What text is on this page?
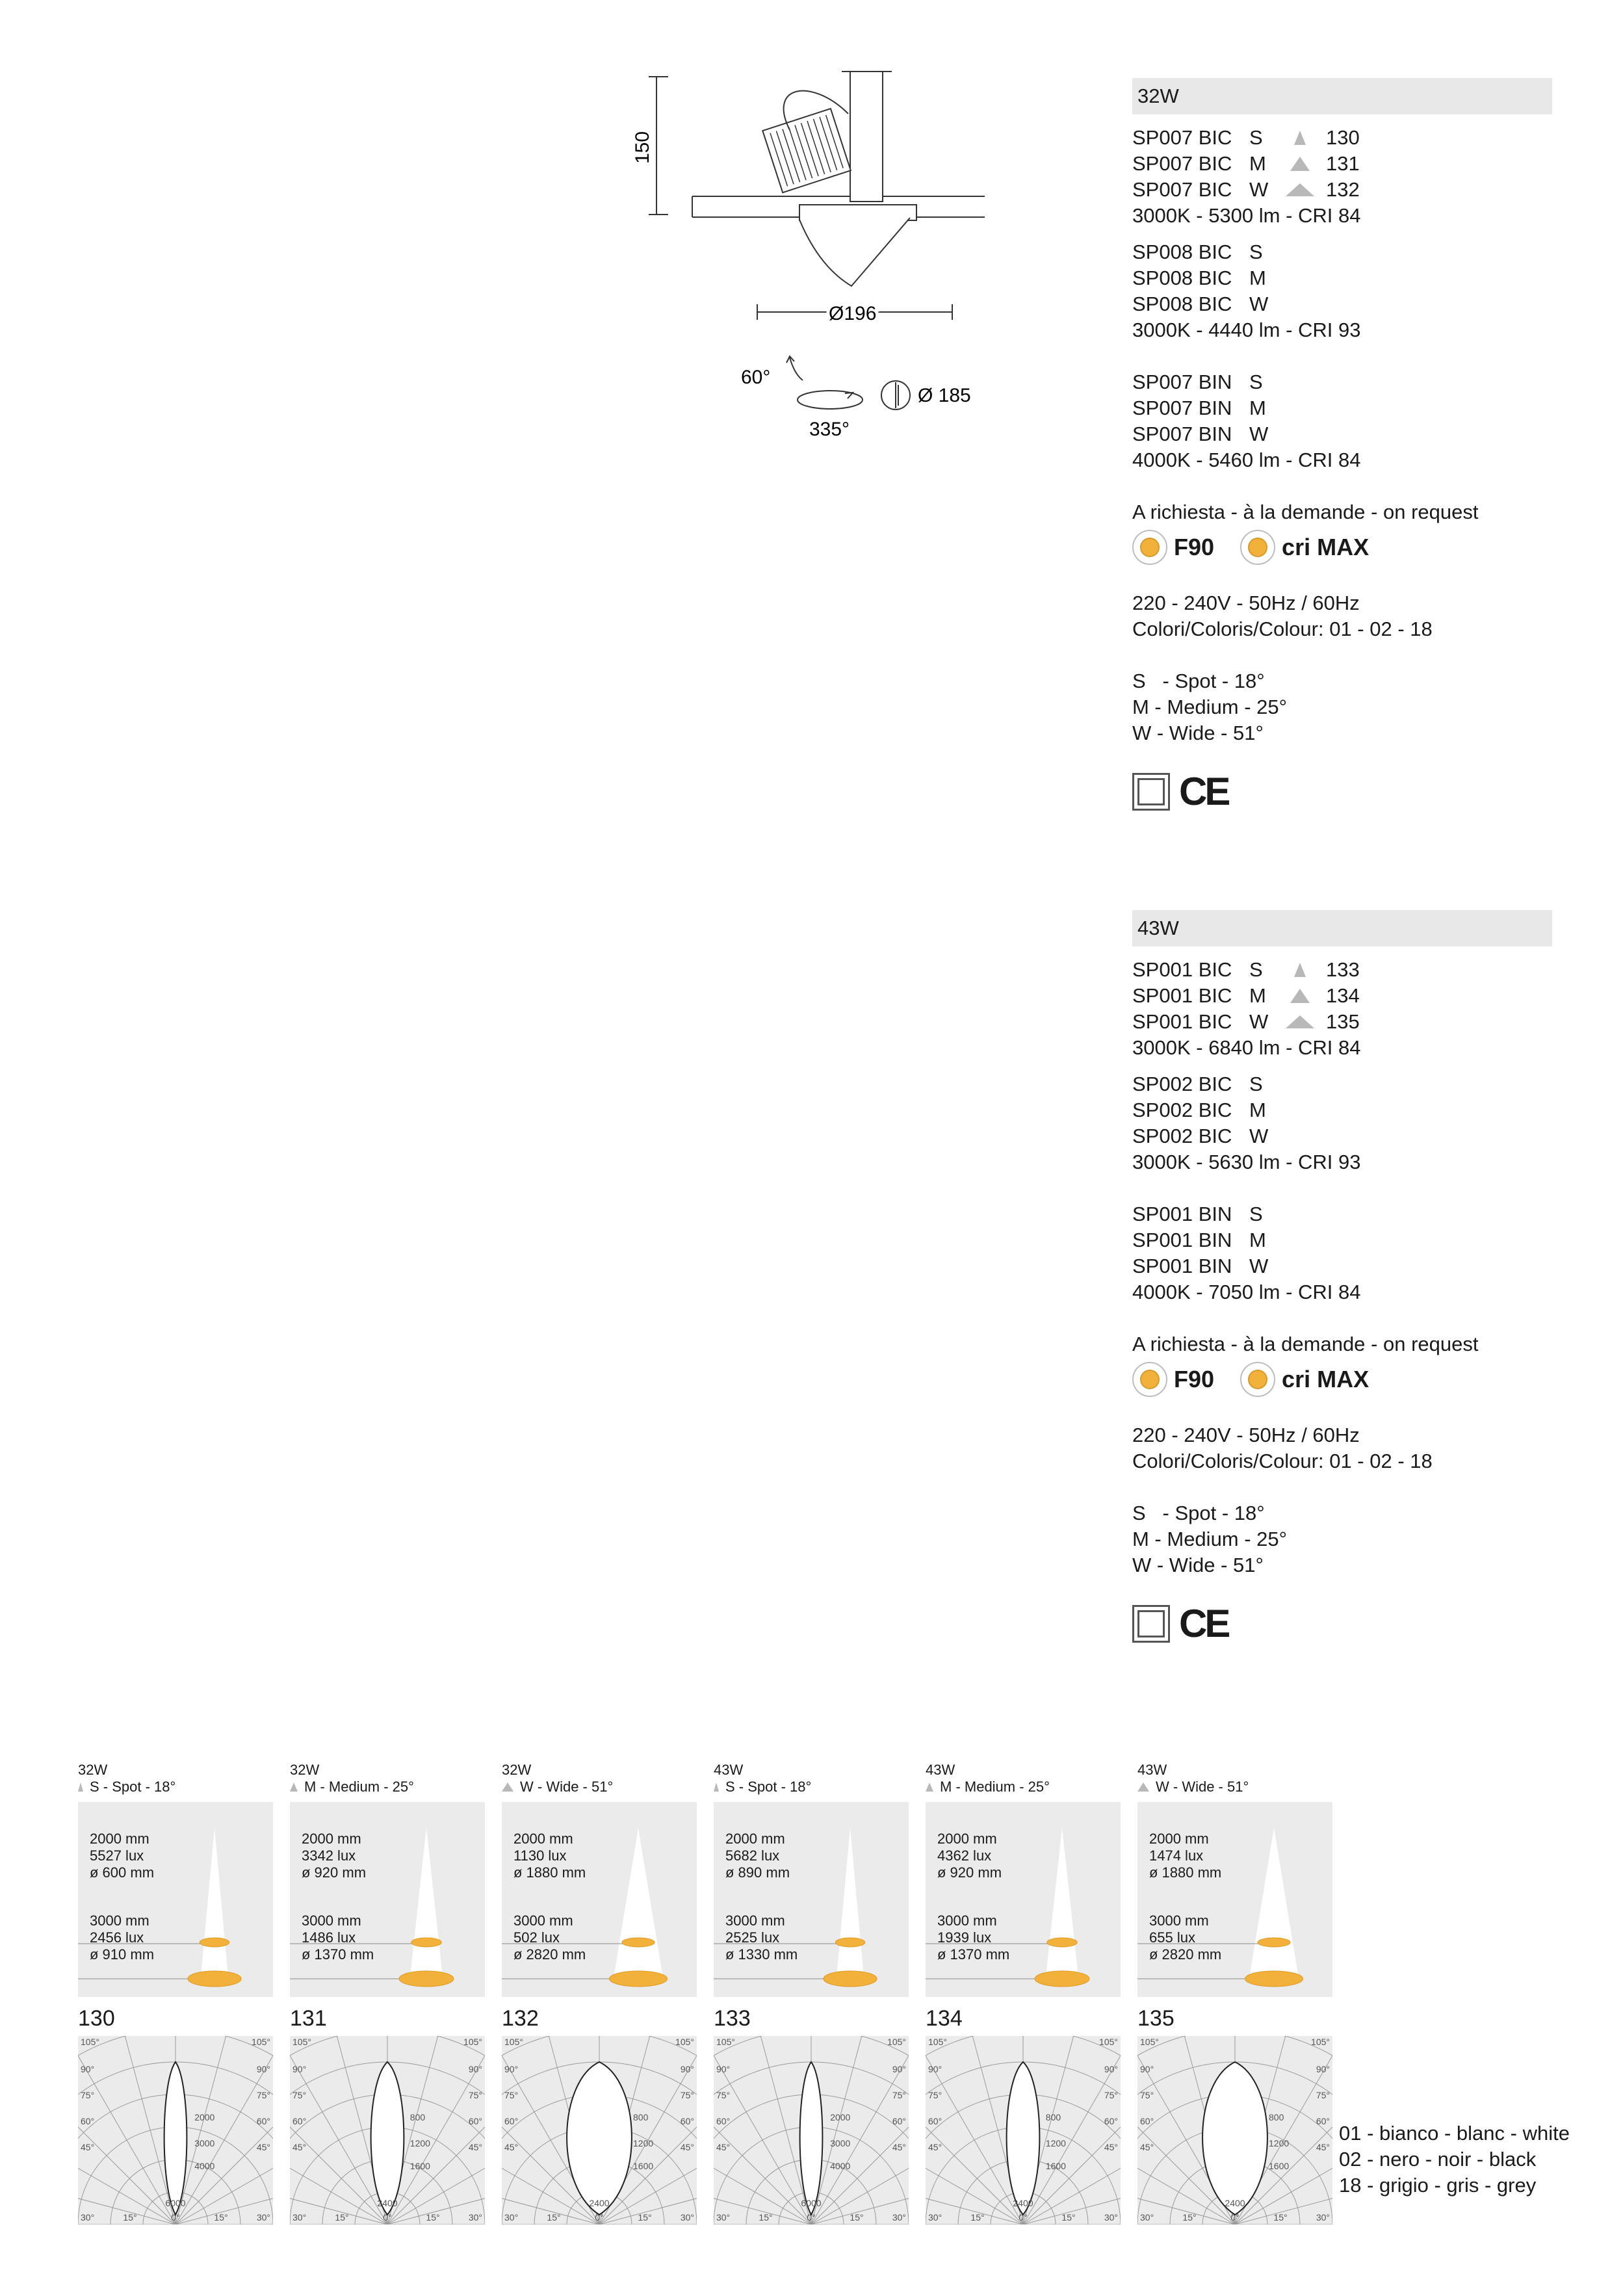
150
Ø196
60°
335°
Ø 185
32W
SP007 BIC S	130
SP007 BIC M	131
SP007 BIC W	132
3000K - 5300 lm - CRI 84
SP008 BIC S
SP008 BIC M
SP008 BIC W
3000K - 4440 lm - CRI 93
SP007 BIN S
SP007 BIN M
SP007 BIN W
4000K - 5460 lm - CRI 84
A richiesta - à la demande - on request
F90	cri MAX
220 - 240V - 50Hz / 60Hz
Colori/Coloris/Colour: 01 - 02 - 18
S   - Spot - 18°
M - Medium - 25°
W - Wide - 51°
CE
43W
SP001 BIC S	133
SP001 BIC M	134
SP001 BIC W	135
3000K - 6840 lm - CRI 84
SP002 BIC S
SP002 BIC M
SP002 BIC W
3000K - 5630 lm - CRI 93
SP001 BIN S
SP001 BIN M
SP001 BIN W
4000K - 7050 lm - CRI 84
A richiesta - à la demande - on request
F90	cri MAX
220 - 240V - 50Hz / 60Hz
Colori/Coloris/Colour: 01 - 02 - 18
S   - Spot - 18°
M - Medium - 25°
W - Wide - 51°
CE
32W
S - Spot - 18°
2000 mm
5527 lux
ø 600 mm
3000 mm
2456 lux
ø 910 mm
130
105°	105°
90°	90°
75°	75°
60°	60°
45°	45°
30°	15°	0°	15°	30°
2000
3000
4000
6000
32W
M - Medium - 25°
2000 mm
3342 lux
ø 920 mm
3000 mm
1486 lux
ø 1370 mm
131
105°	105°
90°	90°
75°	75°
60°	60°
45°	45°
30°	15°	0°	15°	30°
800
1200
1600
2400
32W
W - Wide - 51°
2000 mm
1130 lux
ø 1880 mm
3000 mm
502 lux
ø 2820 mm
132
105°	105°
90°	90°
75°	75°
60°	60°
45°	45°
30°	15°	0°	15°	30°
800
1200
1600
2400
43W
S - Spot - 18°
2000 mm
5682 lux
ø 890 mm
3000 mm
2525 lux
ø 1330 mm
133
105°	105°
90°	90°
75°	75°
60°	60°
45°	45°
30°	15°	0°	15°	30°
2000
3000
4000
6000
43W
M - Medium - 25°
2000 mm
4362 lux
ø 920 mm
3000 mm
1939 lux
ø 1370 mm
134
105°	105°
90°	90°
75°	75°
60°	60°
45°	45°
30°	15°	0°	15°	30°
800
1200
1600
2400
43W
W - Wide - 51°
2000 mm
1474 lux
ø 1880 mm
3000 mm
655 lux
ø 2820 mm
135
105°	105°
90°	90°
75°	75°
60°	60°
45°	45°
30°	15°	0°	15°	30°
800
1200
1600
2400
01 - bianco - blanc - white
02 - nero - noir - black
18 - grigio - gris - grey
